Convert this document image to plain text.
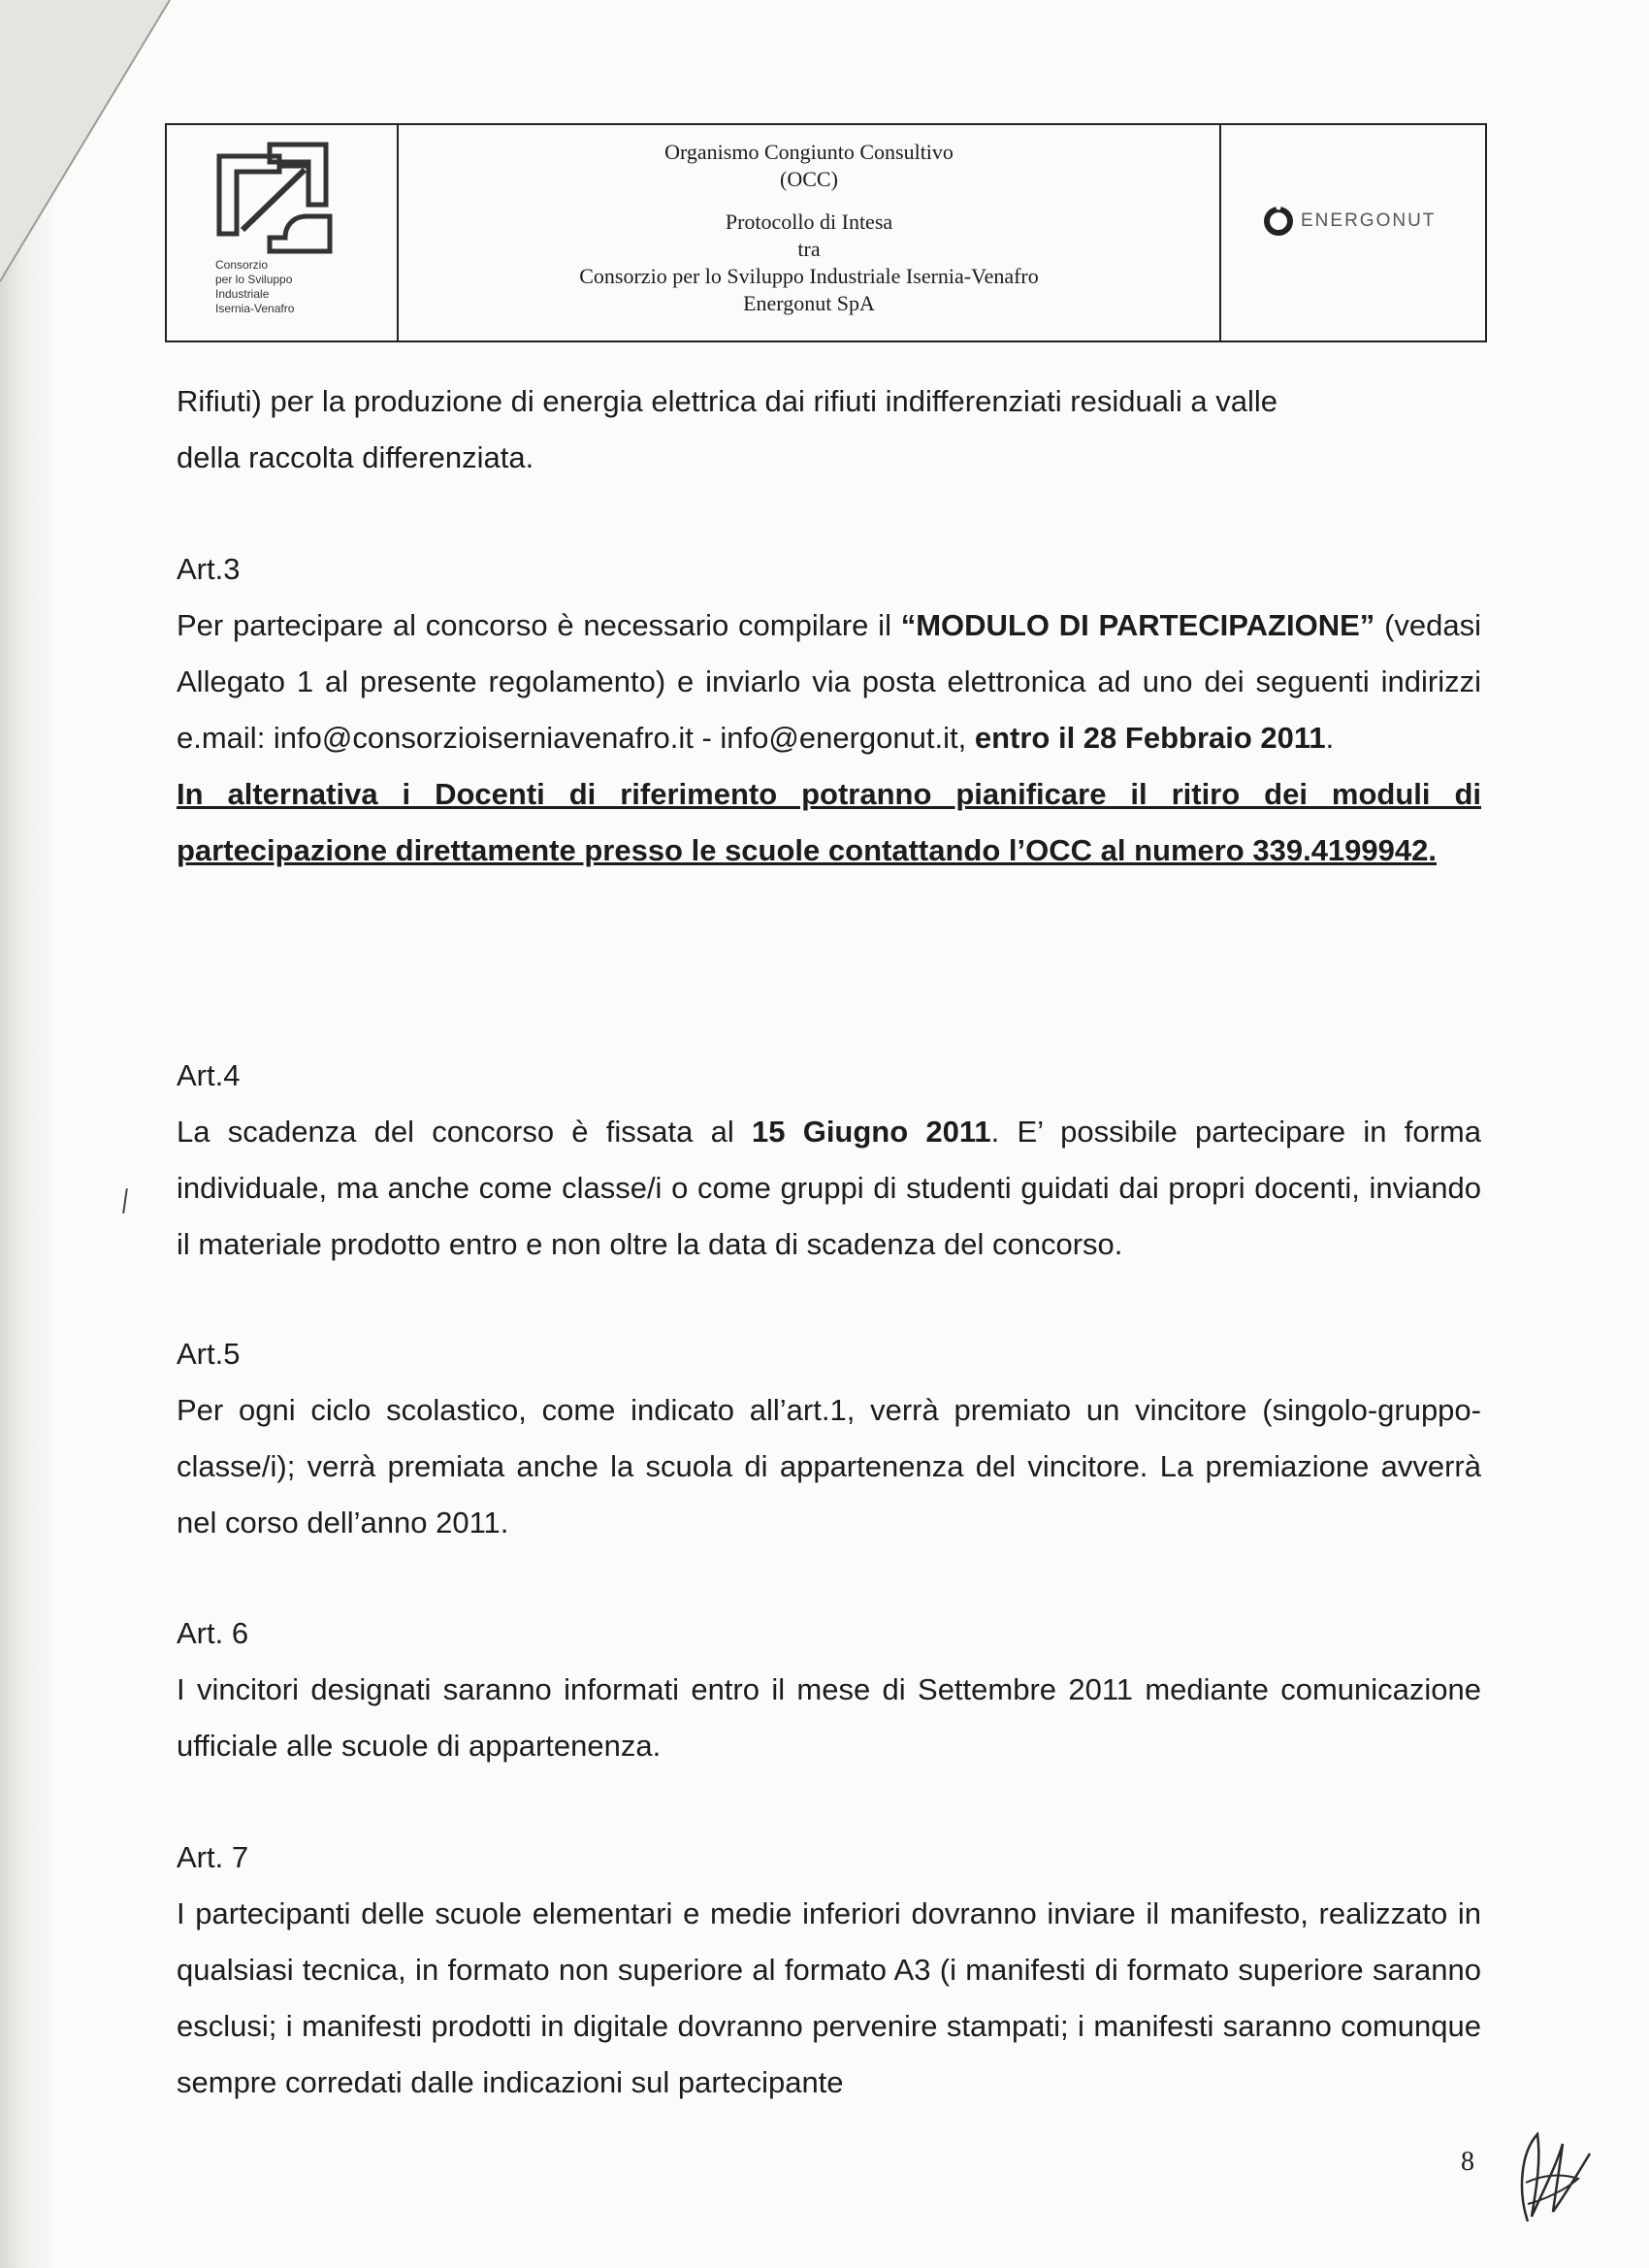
Consorzio
per lo Sviluppo
Industriale
Isernia-Venafro
Organismo Congiunto Consultivo
(OCC)
Protocollo di Intesa
tra
Consorzio per lo Sviluppo Industriale Isernia-Venafro
Energonut SpA
ENERGONUT

Rifiuti) per la produzione di energia elettrica dai rifiuti indifferenziati residuali a valle

della raccolta differenziata.

Art.3

Per partecipare al concorso è necessario compilare il “MODULO DI PARTECIPAZIONE” (vedasi Allegato 1 al presente regolamento) e inviarlo via posta elettronica ad uno dei seguenti indirizzi e.mail: info@consorzioiserniavenafro.it - info@energonut.it, entro il 28 Febbraio 2011.

In alternativa i Docenti di riferimento potranno pianificare il ritiro dei moduli di partecipazione direttamente presso le scuole contattando l’OCC al numero 339.4199942.

Art.4

La scadenza del concorso è fissata al 15 Giugno 2011. E’ possibile partecipare in forma individuale, ma anche come classe/i o come gruppi di studenti guidati dai propri docenti, inviando il materiale prodotto entro e non oltre la data di scadenza del concorso.

Art.5

Per ogni ciclo scolastico, come indicato all’art.1, verrà premiato un vincitore (singolo-gruppo-classe/i); verrà premiata anche la scuola di appartenenza del vincitore. La premiazione avverrà nel corso dell’anno 2011.

Art. 6

I vincitori designati saranno informati entro il mese di Settembre 2011 mediante comunicazione ufficiale alle scuole di appartenenza.

Art. 7

I partecipanti delle scuole elementari e medie inferiori dovranno inviare il manifesto, realizzato in qualsiasi tecnica, in formato non superiore al formato A3 (i manifesti di formato superiore saranno esclusi; i manifesti prodotti in digitale dovranno pervenire stampati; i manifesti saranno comunque sempre corredati dalle indicazioni sul partecipante

8
